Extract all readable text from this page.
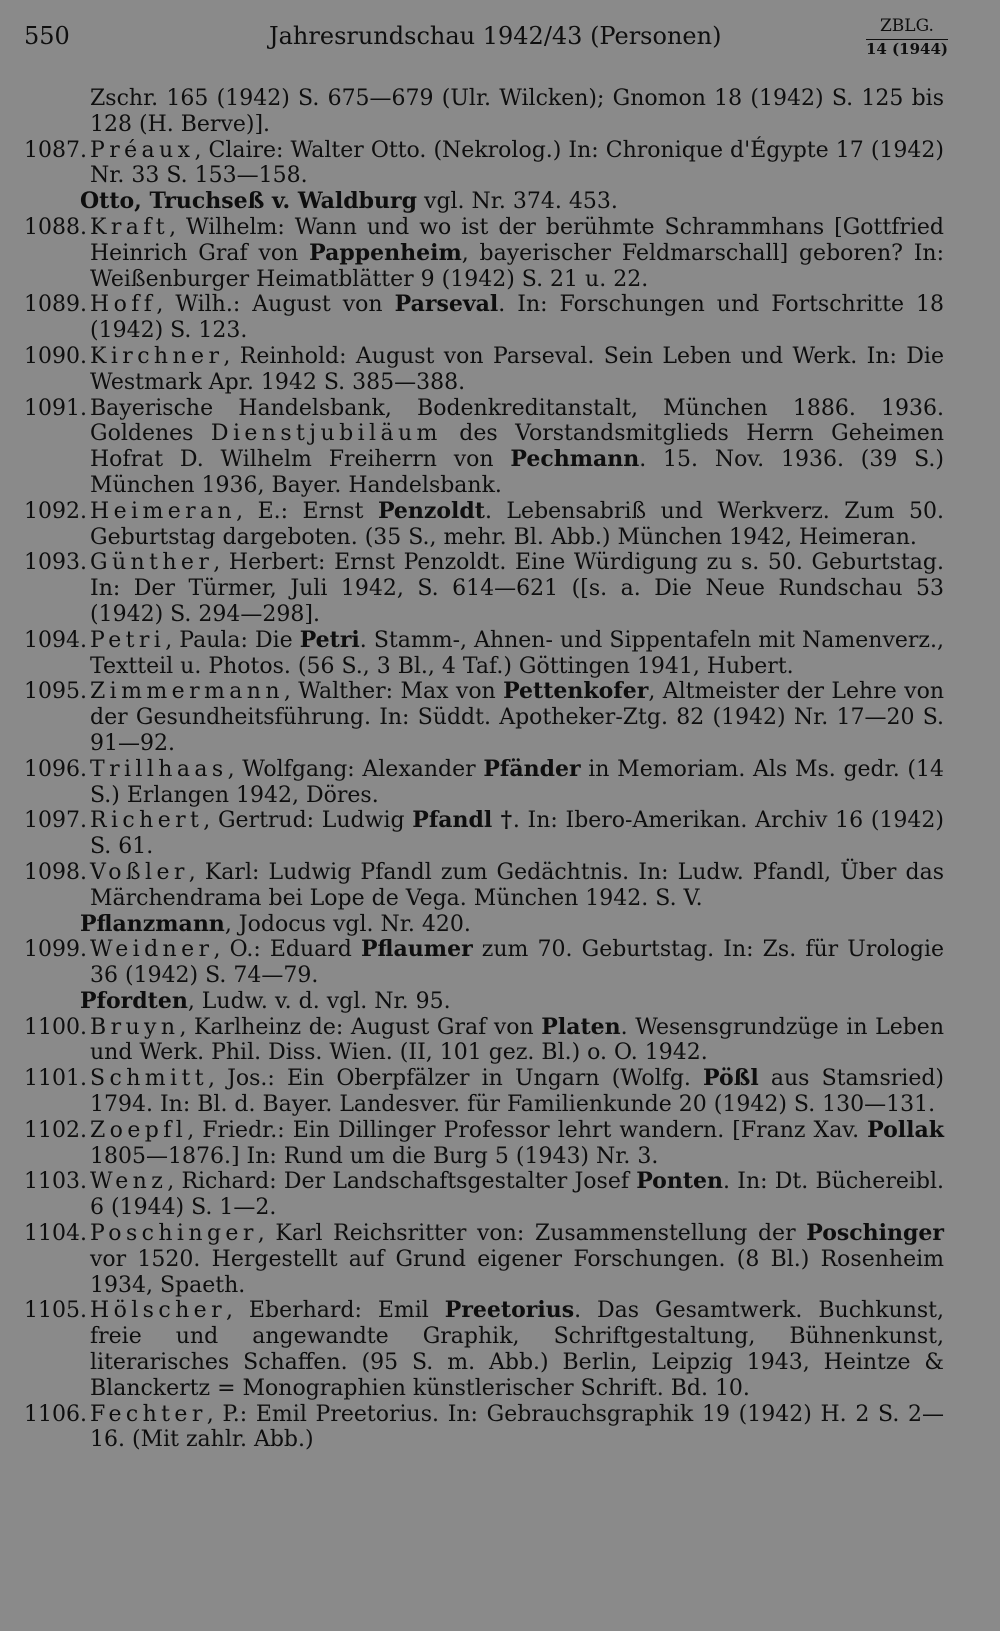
550	Jahresrundschau 1942/43 (Personen)	ZBLG.
14 (1944)
Zschr. 165 (1942) S. 675—679 (Ulr. Wilcken); Gnomon 18 (1942) S. 125 bis 128 (H. Berve)].
1087. Préaux, Claire: Walter Otto. (Nekrolog.) In: Chronique d'Égypte 17 (1942) Nr. 33 S. 153—158.
Otto, Truchseß v. Waldburg vgl. Nr. 374. 453.
1088. Kraft, Wilhelm: Wann und wo ist der berühmte Schrammhans [Gottfried Heinrich Graf von Pappenheim, bayerischer Feldmarschall] geboren? In: Weißenburger Heimatblätter 9 (1942) S. 21 u. 22.
1089. Hoff, Wilh.: August von Parseval. In: Forschungen und Fortschritte 18 (1942) S. 123.
1090. Kirchner, Reinhold: August von Parseval. Sein Leben und Werk. In: Die Westmark Apr. 1942 S. 385—388.
1091. Bayerische Handelsbank, Bodenkreditanstalt, München 1886. 1936. Goldenes Dienstjubiläum des Vorstandsmitglieds Herrn Geheimen Hofrat D. Wilhelm Freiherrn von Pechmann. 15. Nov. 1936. (39 S.) München 1936, Bayer. Handelsbank.
1092. Heimeran, E.: Ernst Penzoldt. Lebensabriß und Werkverz. Zum 50. Geburtstag dargeboten. (35 S., mehr. Bl. Abb.) München 1942, Heimeran.
1093. Günther, Herbert: Ernst Penzoldt. Eine Würdigung zu s. 50. Geburtstag. In: Der Türmer, Juli 1942, S. 614—621 ([s. a. Die Neue Rundschau 53 (1942) S. 294—298].
1094. Petri, Paula: Die Petri. Stamm-, Ahnen- und Sippentafeln mit Namenverz., Textteil u. Photos. (56 S., 3 Bl., 4 Taf.) Göttingen 1941, Hubert.
1095. Zimmermann, Walther: Max von Pettenkofer, Altmeister der Lehre von der Gesundheitsführung. In: Süddt. Apotheker-Ztg. 82 (1942) Nr. 17—20 S. 91—92.
1096. Trillhaas, Wolfgang: Alexander Pfänder in Memoriam. Als Ms. gedr. (14 S.) Erlangen 1942, Döres.
1097. Richert, Gertrud: Ludwig Pfandl †. In: Ibero-Amerikan. Archiv 16 (1942) S. 61.
1098. Voßler, Karl: Ludwig Pfandl zum Gedächtnis. In: Ludw. Pfandl, Über das Märchendrama bei Lope de Vega. München 1942. S. V.
Pflanzmann, Jodocus vgl. Nr. 420.
1099. Weidner, O.: Eduard Pflaumer zum 70. Geburtstag. In: Zs. für Urologie 36 (1942) S. 74—79.
Pfordten, Ludw. v. d. vgl. Nr. 95.
1100. Bruyn, Karlheinz de: August Graf von Platen. Wesensgrundzüge in Leben und Werk. Phil. Diss. Wien. (II, 101 gez. Bl.) o. O. 1942.
1101. Schmitt, Jos.: Ein Oberpfälzer in Ungarn (Wolfg. Pößl aus Stamsried) 1794. In: Bl. d. Bayer. Landesver. für Familienkunde 20 (1942) S. 130—131.
1102. Zoepfl, Friedr.: Ein Dillinger Professor lehrt wandern. [Franz Xav. Pollak 1805—1876.] In: Rund um die Burg 5 (1943) Nr. 3.
1103. Wenz, Richard: Der Landschaftsgestalter Josef Ponten. In: Dt. Büchereibl. 6 (1944) S. 1—2.
1104. Poschinger, Karl Reichsritter von: Zusammenstellung der Poschinger vor 1520. Hergestellt auf Grund eigener Forschungen. (8 Bl.) Rosenheim 1934, Spaeth.
1105. Hölscher, Eberhard: Emil Preetorius. Das Gesamtwerk. Buchkunst, freie und angewandte Graphik, Schriftgestaltung, Bühnenkunst, literarisches Schaffen. (95 S. m. Abb.) Berlin, Leipzig 1943, Heintze & Blanckertz = Monographien künstlerischer Schrift. Bd. 10.
1106. Fechter, P.: Emil Preetorius. In: Gebrauchsgraphik 19 (1942) H. 2 S. 2—16. (Mit zahlr. Abb.)
